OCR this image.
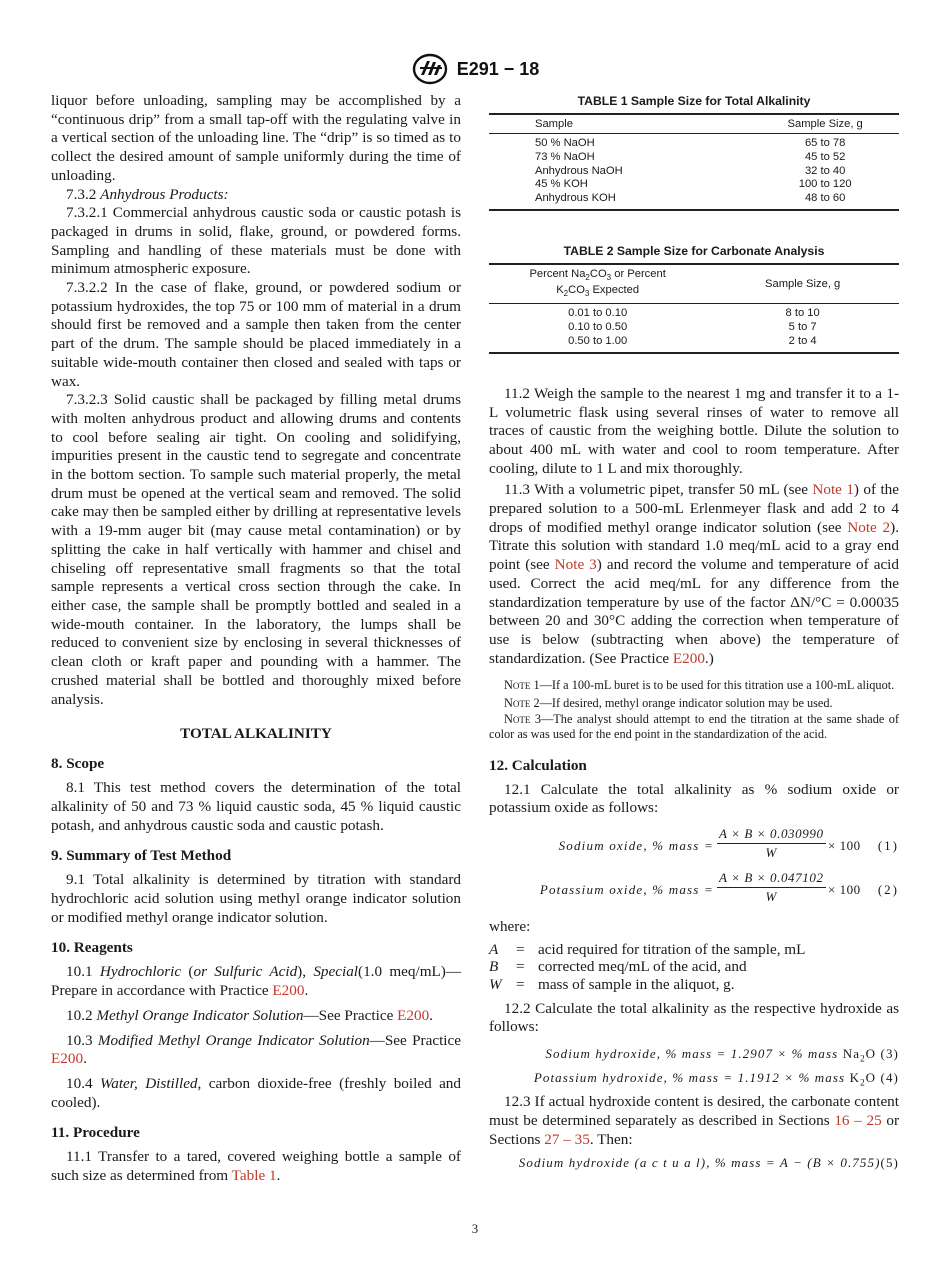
E291 − 18

liquor before unloading, sampling may be accomplished by a “continuous drip” from a small tap-off with the regulating valve in a vertical section of the unloading line. The “drip” is so timed as to collect the desired amount of sample uniformly during the time of unloading.

7.3.2 Anhydrous Products:

7.3.2.1 Commercial anhydrous caustic soda or caustic potash is packaged in drums in solid, flake, ground, or powdered forms. Sampling and handling of these materials must be done with minimum atmospheric exposure.

7.3.2.2 In the case of flake, ground, or powdered sodium or potassium hydroxides, the top 75 or 100 mm of material in a drum should first be removed and a sample then taken from the center part of the drum. The sample should be placed immediately in a suitable wide-mouth container then closed and sealed with taps or wax.

7.3.2.3 Solid caustic shall be packaged by filling metal drums with molten anhydrous product and allowing drums and contents to cool before sealing air tight. On cooling and solidifying, impurities present in the caustic tend to segregate and concentrate in the bottom section. To sample such material properly, the metal drum must be opened at the vertical seam and removed. The solid cake may then be sampled either by drilling at representative levels with a 19-mm auger bit (may cause metal contamination) or by splitting the cake in half vertically with hammer and chisel and chiseling off representative small fragments so that the total sample represents a vertical cross section through the cake. In either case, the sample shall be promptly bottled and sealed in a wide-mouth container. In the laboratory, the lumps shall be reduced to convenient size by enclosing in several thicknesses of clean cloth or kraft paper and pounding with a hammer. The crushed material shall be bottled and thoroughly mixed before analysis.

TOTAL ALKALINITY
8. Scope

8.1 This test method covers the determination of the total alkalinity of 50 and 73 % liquid caustic soda, 45 % liquid caustic potash, and anhydrous caustic soda and caustic potash.

9. Summary of Test Method

9.1 Total alkalinity is determined by titration with standard hydrochloric acid solution using methyl orange indicator solution or modified methyl orange indicator solution.

10. Reagents

10.1 Hydrochloric (or Sulfuric Acid), Special(1.0 meq/mL)—Prepare in accordance with Practice E200.

10.2 Methyl Orange Indicator Solution—See Practice E200.

10.3 Modified Methyl Orange Indicator Solution—See Practice E200.

10.4 Water, Distilled, carbon dioxide-free (freshly boiled and cooled).

11. Procedure

11.1 Transfer to a tared, covered weighing bottle a sample of such size as determined from Table 1.

TABLE 1 Sample Size for Total Alkalinity
Sample	Sample Size, g
50 % NaOH	65 to 78
73 % NaOH	45 to 52
Anhydrous NaOH	32 to 40
45 % KOH	100 to 120
Anhydrous KOH	48 to 60
TABLE 2 Sample Size for Carbonate Analysis
Percent $Na_2CO_3$ or Percent
$K_2CO_3$ Expected	Sample Size, g
0.01 to 0.10	8 to 10
0.10 to 0.50	5 to 7
0.50 to 1.00	2 to 4

11.2 Weigh the sample to the nearest 1 mg and transfer it to a 1-L volumetric flask using several rinses of water to remove all traces of caustic from the weighing bottle. Dilute the solution to about 400 mL with water and cool to room temperature. After cooling, dilute to 1 L and mix thoroughly.

11.3 With a volumetric pipet, transfer 50 mL (see Note 1) of the prepared solution to a 500-mL Erlenmeyer flask and add 2 to 4 drops of modified methyl orange indicator solution (see Note 2). Titrate this solution with standard 1.0 meq/mL acid to a gray end point (see Note 3) and record the volume and temperature of acid used. Correct the acid meq/mL for any difference from the standardization temperature by use of the factor ΔN/°C = 0.00035 between 20 and 30°C adding the correction when temperature of use is below (subtracting when above) the temperature of standardization. (See Practice E200.)

Note 1—If a 100-mL buret is to be used for this titration use a 100-mL aliquot.

Note 2—If desired, methyl orange indicator solution may be used.

Note 3—The analyst should attempt to end the titration at the same shade of color as was used for the end point in the standardization of the acid.

12. Calculation

12.1 Calculate the total alkalinity as % sodium oxide or potassium oxide as follows:

Sodium oxide, % mass = $\frac{A \times B \times 0.030990}{W} \times 100$ (1)
Potassium oxide, % mass = $\frac{A \times B \times 0.047102}{W} \times 100$ (2)

where:

A	= acid required for titration of the sample, mL
B	= corrected meq/mL of the acid, and
W = mass of sample in the aliquot, g.

12.2 Calculate the total alkalinity as the respective hydroxide as follows:

Sodium hydroxide, % mass = 1.2907 × % mass $Na_2O$ (3)
Potassium hydroxide, % mass = 1.1912 × % mass $K_2O$ (4)

12.3 If actual hydroxide content is desired, the carbonate content must be determined separately as described in Sections 16 – 25 or Sections 27 – 35. Then:

Sodium hydroxide (a c t u a l), % mass = A − (B × 0.755)(5)
3
